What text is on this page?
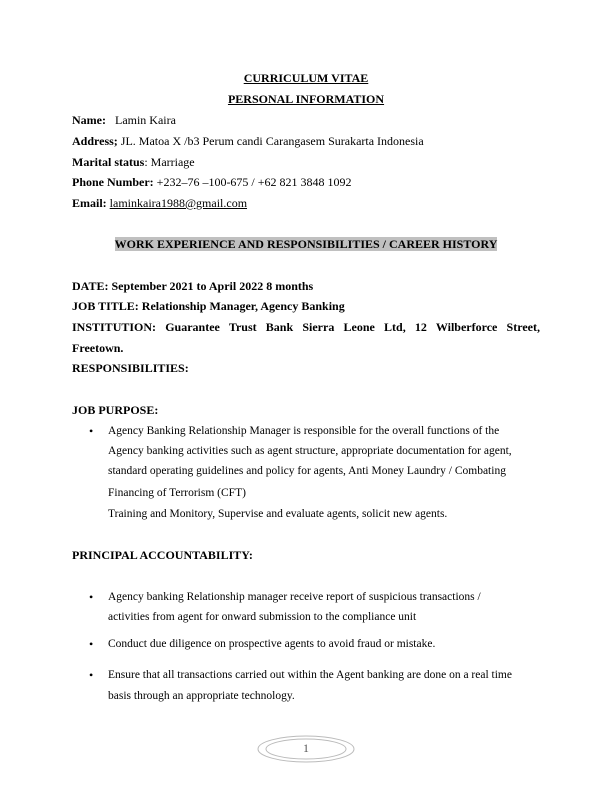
CURRICULUM VITAE
PERSONAL INFORMATION
Name: Lamin Kaira
Address; JL. Matoa X /b3 Perum candi Carangasem Surakarta Indonesia
Marital status: Marriage
Phone Number: +232–76 –100-675 / +62 821 3848 1092
Email: laminkaira1988@gmail.com
WORK EXPERIENCE AND RESPONSIBILITIES / CAREER HISTORY
DATE: September 2021 to April 2022 8 months
JOB TITLE: Relationship Manager, Agency Banking
INSTITUTION: Guarantee Trust Bank Sierra Leone Ltd, 12 Wilberforce Street,
Freetown.
RESPONSIBILITIES:
JOB PURPOSE:
• Agency Banking Relationship Manager is responsible for the overall functions of the
Agency banking activities such as agent structure, appropriate documentation for agent,
standard operating guidelines and policy for agents, Anti Money Laundry / Combating
Financing of Terrorism (CFT)
Training and Monitory, Supervise and evaluate agents, solicit new agents.
PRINCIPAL ACCOUNTABILITY:
• Agency banking Relationship manager receive report of suspicious transactions /
activities from agent for onward submission to the compliance unit
• Conduct due diligence on prospective agents to avoid fraud or mistake.
• Ensure that all transactions carried out within the Agent banking are done on a real time
basis through an appropriate technology.
1
